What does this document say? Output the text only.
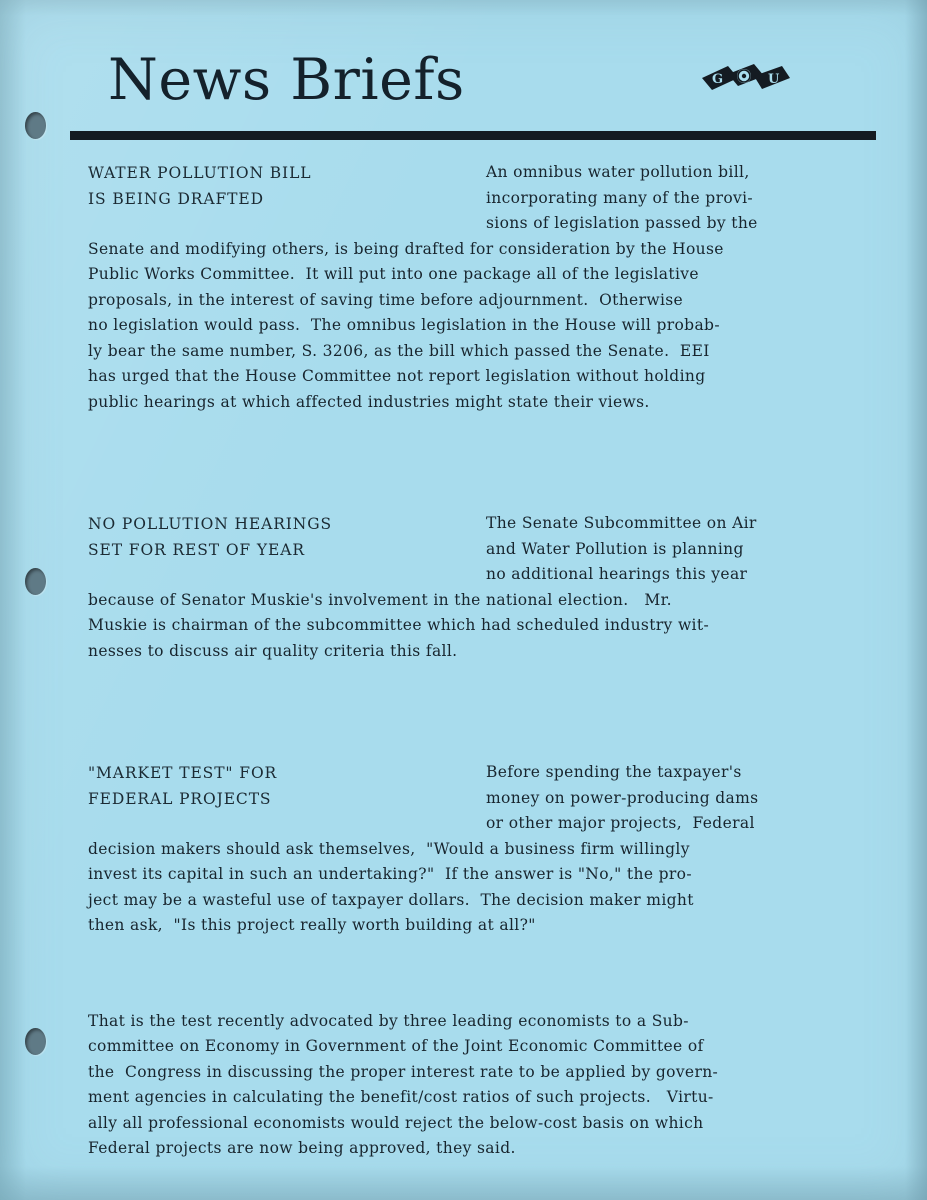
News Briefs	G	U
WATER POLLUTION BILL
IS BEING DRAFTED
An omnibus water pollution bill,
incorporating many of the provi-
sions of legislation passed by the
Senate and modifying others, is being drafted for consideration by the House
Public Works Committee.  It will put into one package all of the legislative
proposals, in the interest of saving time before adjournment.  Otherwise
no legislation would pass.  The omnibus legislation in the House will probab-
ly bear the same number, S. 3206, as the bill which passed the Senate.  EEI
has urged that the House Committee not report legislation without holding
public hearings at which affected industries might state their views.
NO POLLUTION HEARINGS
SET FOR REST OF YEAR
The Senate Subcommittee on Air
and Water Pollution is planning
no additional hearings this year
because of Senator Muskie's involvement in the national election.   Mr.
Muskie is chairman of the subcommittee which had scheduled industry wit-
nesses to discuss air quality criteria this fall.
"MARKET TEST" FOR
FEDERAL PROJECTS
Before spending the taxpayer's
money on power-producing dams
or other major projects,  Federal
decision makers should ask themselves,  "Would a business firm willingly
invest its capital in such an undertaking?"  If the answer is "No," the pro-
ject may be a wasteful use of taxpayer dollars.  The decision maker might
then ask,  "Is this project really worth building at all?"
That is the test recently advocated by three leading economists to a Sub-
committee on Economy in Government of the Joint Economic Committee of
the  Congress in discussing the proper interest rate to be applied by govern-
ment agencies in calculating the benefit/cost ratios of such projects.   Virtu-
ally all professional economists would reject the below-cost basis on which
Federal projects are now being approved, they said.
